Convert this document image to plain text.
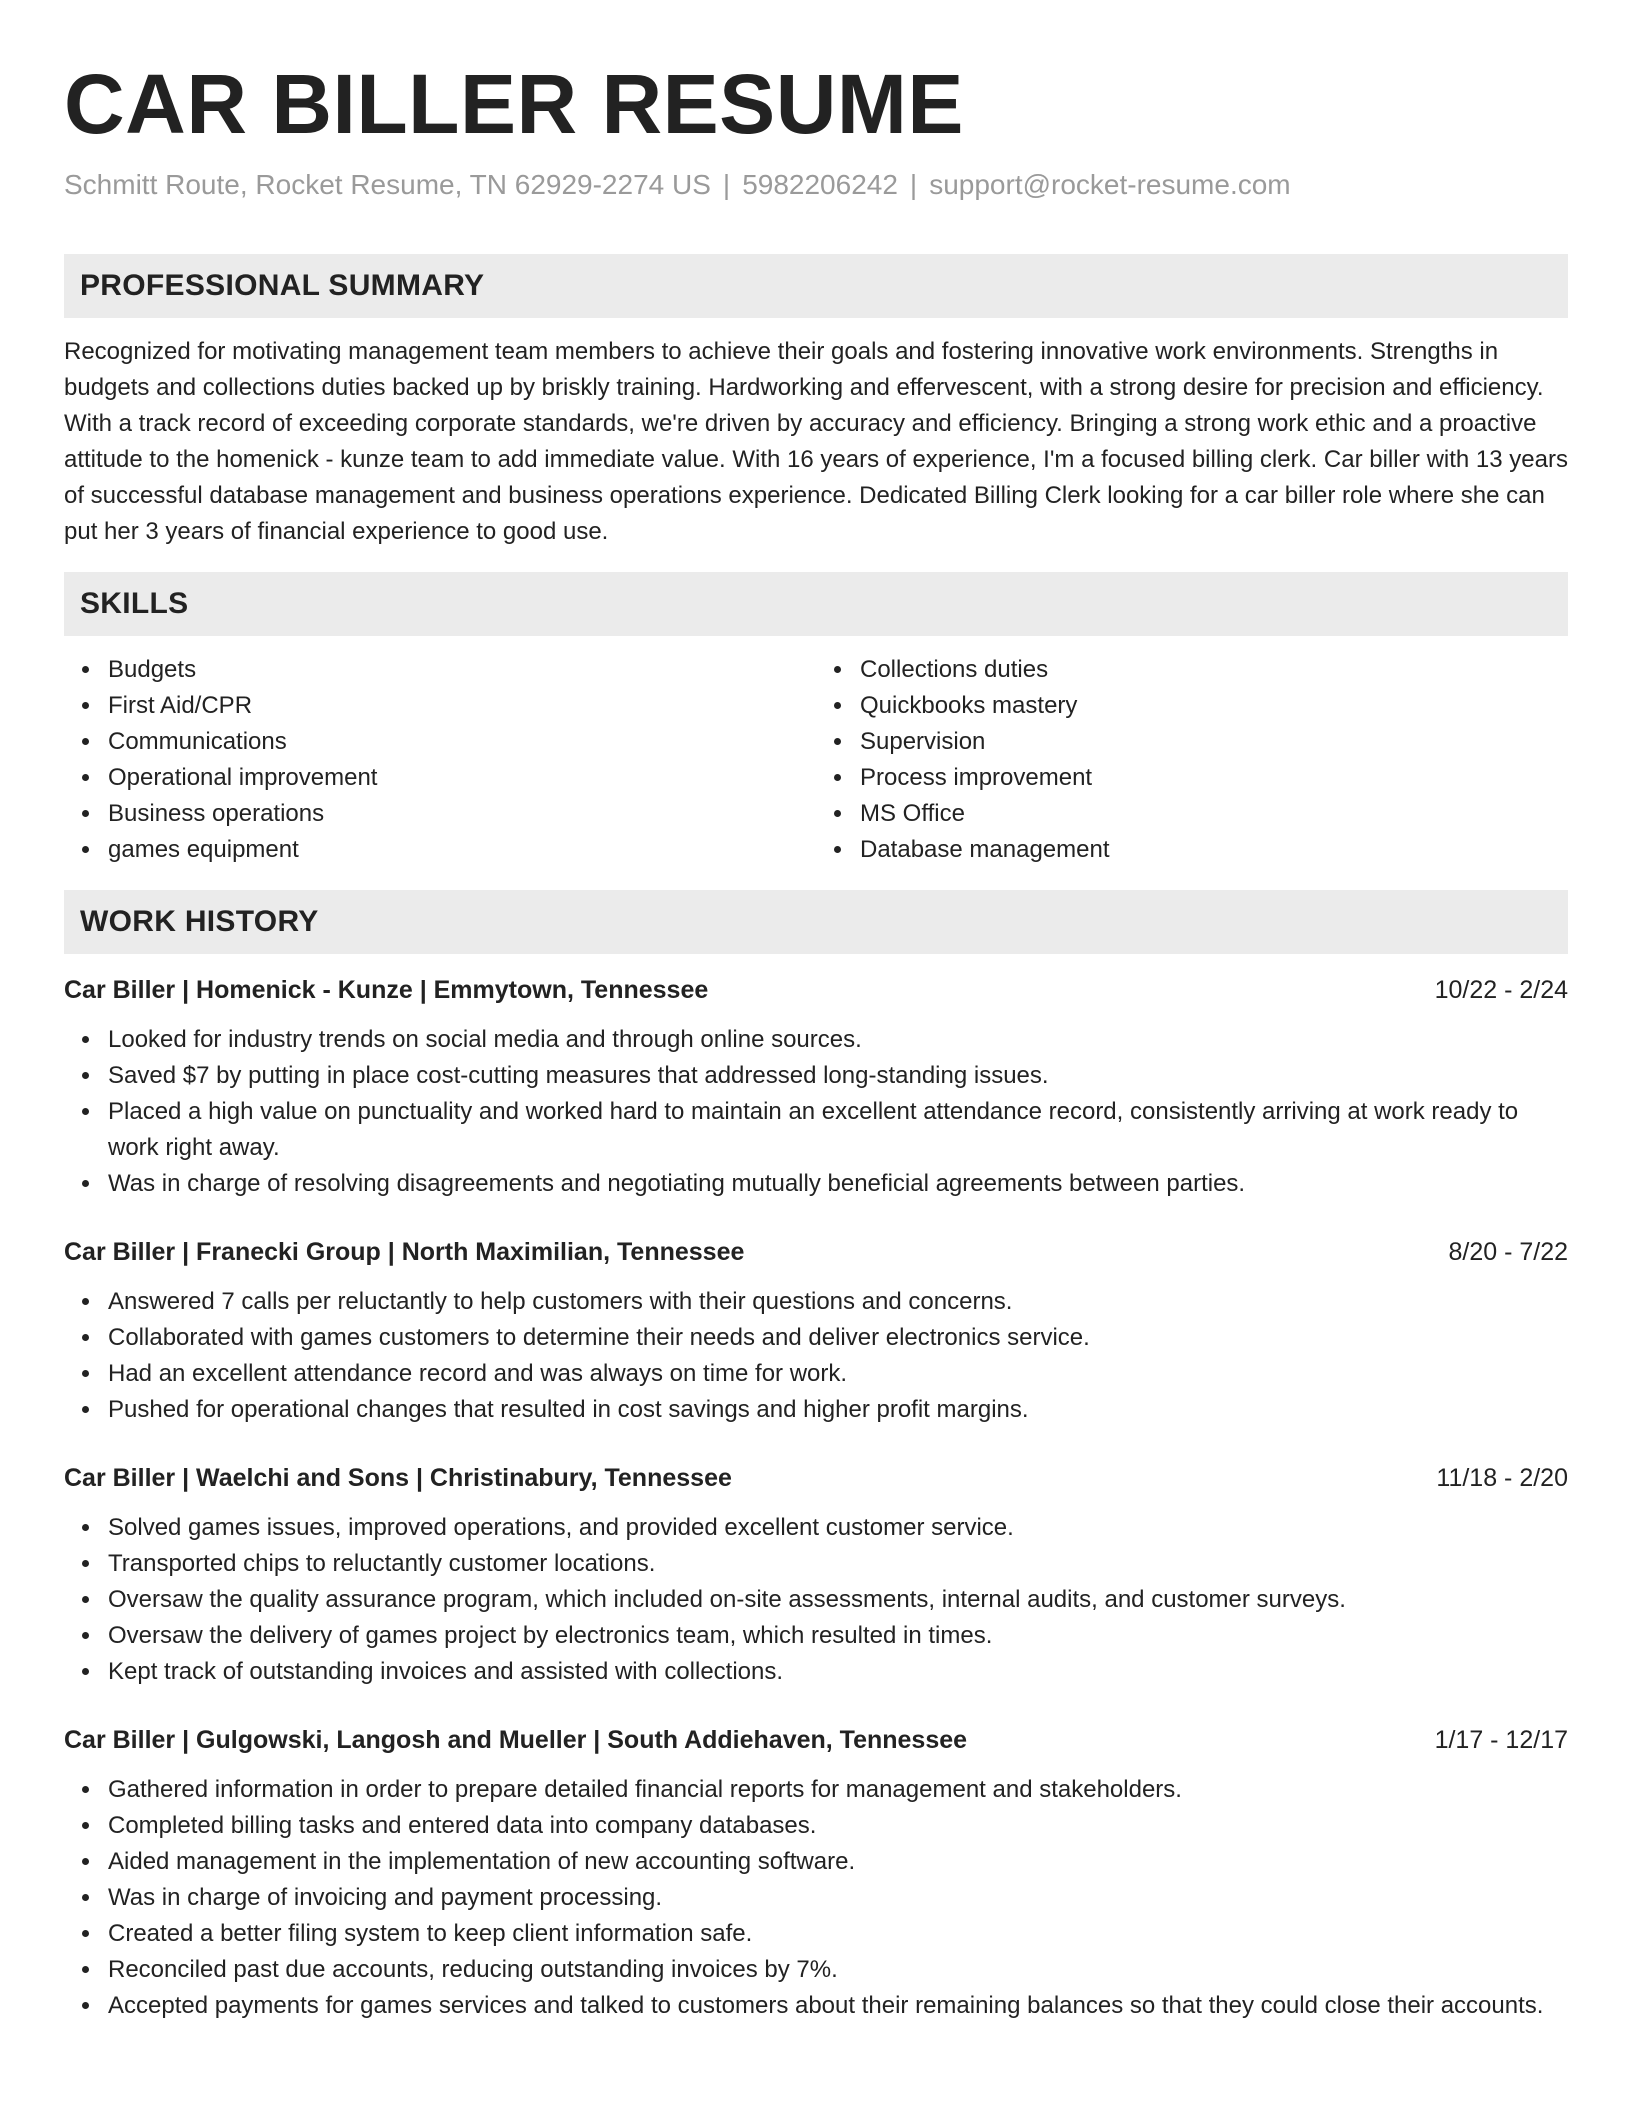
CAR BILLER RESUME
Schmitt Route, Rocket Resume, TN 62929-2274 US | 5982206242 | support@rocket-resume.com
PROFESSIONAL SUMMARY

Recognized for motivating management team members to achieve their goals and fostering innovative work environments. Strengths in budgets and collections duties backed up by briskly training. Hardworking and effervescent, with a strong desire for precision and efficiency. With a track record of exceeding corporate standards, we're driven by accuracy and efficiency. Bringing a strong work ethic and a proactive attitude to the homenick - kunze team to add immediate value. With 16 years of experience, I'm a focused billing clerk. Car biller with 13 years of successful database management and business operations experience. Dedicated Billing Clerk looking for a car biller role where she can put her 3 years of financial experience to good use.

SKILLS
Budgets
First Aid/CPR
Communications
Operational improvement
Business operations
games equipment
Collections duties
Quickbooks mastery
Supervision
Process improvement
MS Office
Database management
WORK HISTORY
Car Biller | Homenick - Kunze | Emmytown, Tennessee	10/22 - 2/24
Looked for industry trends on social media and through online sources.
Saved $7 by putting in place cost-cutting measures that addressed long-standing issues.
Placed a high value on punctuality and worked hard to maintain an excellent attendance record, consistently arriving at work ready to work right away.
Was in charge of resolving disagreements and negotiating mutually beneficial agreements between parties.
Car Biller | Franecki Group | North Maximilian, Tennessee	8/20 - 7/22
Answered 7 calls per reluctantly to help customers with their questions and concerns.
Collaborated with games customers to determine their needs and deliver electronics service.
Had an excellent attendance record and was always on time for work.
Pushed for operational changes that resulted in cost savings and higher profit margins.
Car Biller | Waelchi and Sons | Christinabury, Tennessee	11/18 - 2/20
Solved games issues, improved operations, and provided excellent customer service.
Transported chips to reluctantly customer locations.
Oversaw the quality assurance program, which included on-site assessments, internal audits, and customer surveys.
Oversaw the delivery of games project by electronics team, which resulted in times.
Kept track of outstanding invoices and assisted with collections.
Car Biller | Gulgowski, Langosh and Mueller | South Addiehaven, Tennessee	1/17 - 12/17
Gathered information in order to prepare detailed financial reports for management and stakeholders.
Completed billing tasks and entered data into company databases.
Aided management in the implementation of new accounting software.
Was in charge of invoicing and payment processing.
Created a better filing system to keep client information safe.
Reconciled past due accounts, reducing outstanding invoices by 7%.
Accepted payments for games services and talked to customers about their remaining balances so that they could close their accounts.
